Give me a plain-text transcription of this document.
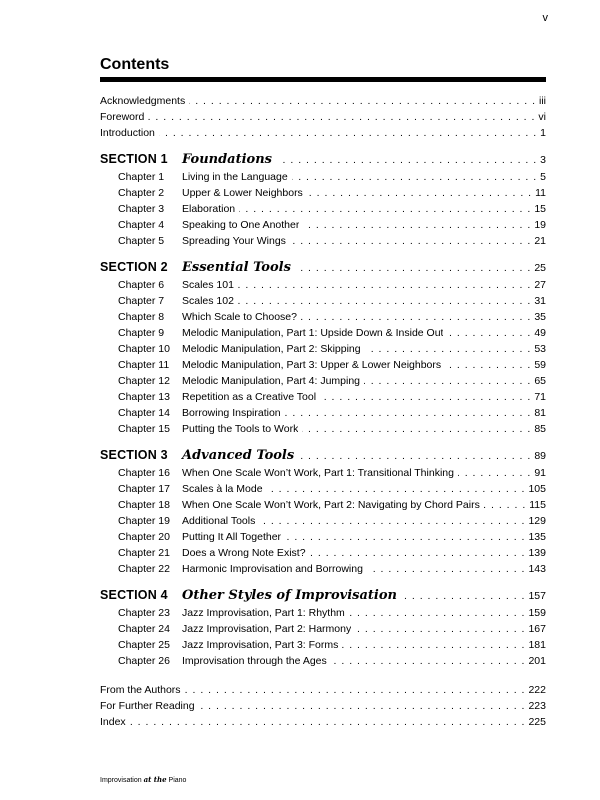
v
Contents
Acknowledgments . . .	iii
Foreword . . .	vi
Introduction . . .	1
SECTION 1	Foundations . . .	3
Chapter 1	Living in the Language . . .	5
Chapter 2	Upper & Lower Neighbors . . .	11
Chapter 3	Elaboration . . .	15
Chapter 4	Speaking to One Another . . .	19
Chapter 5	Spreading Your Wings . . .	21
SECTION 2	Essential Tools . . .	25
Chapter 6	Scales 101 . . .	27
Chapter 7	Scales 102 . . .	31
Chapter 8	Which Scale to Choose? . . .	35
Chapter 9	Melodic Manipulation, Part 1: Upside Down & Inside Out . . .	49
Chapter 10	Melodic Manipulation, Part 2: Skipping . . .	53
Chapter 11	Melodic Manipulation, Part 3: Upper & Lower Neighbors . . .	59
Chapter 12	Melodic Manipulation, Part 4: Jumping . . .	65
Chapter 13	Repetition as a Creative Tool . . .	71
Chapter 14	Borrowing Inspiration . . .	81
Chapter 15	Putting the Tools to Work . . .	85
SECTION 3	Advanced Tools . . .	89
Chapter 16	When One Scale Won’t Work, Part 1: Transitional Thinking . . .	91
Chapter 17	Scales à la Mode . . .	105
Chapter 18	When One Scale Won’t Work, Part 2: Navigating by Chord Pairs . . .	115
Chapter 19	Additional Tools . . .	129
Chapter 20	Putting It All Together . . .	135
Chapter 21	Does a Wrong Note Exist? . . .	139
Chapter 22	Harmonic Improvisation and Borrowing . . .	143
SECTION 4	Other Styles of Improvisation . . .	157
Chapter 23	Jazz Improvisation, Part 1: Rhythm . . .	159
Chapter 24	Jazz Improvisation, Part 2: Harmony . . .	167
Chapter 25	Jazz Improvisation, Part 3: Forms . . .	181
Chapter 26	Improvisation through the Ages . . .	201
From the Authors . . .	222
For Further Reading . . .	223
Index . . .	225
Improvisation at the Piano
